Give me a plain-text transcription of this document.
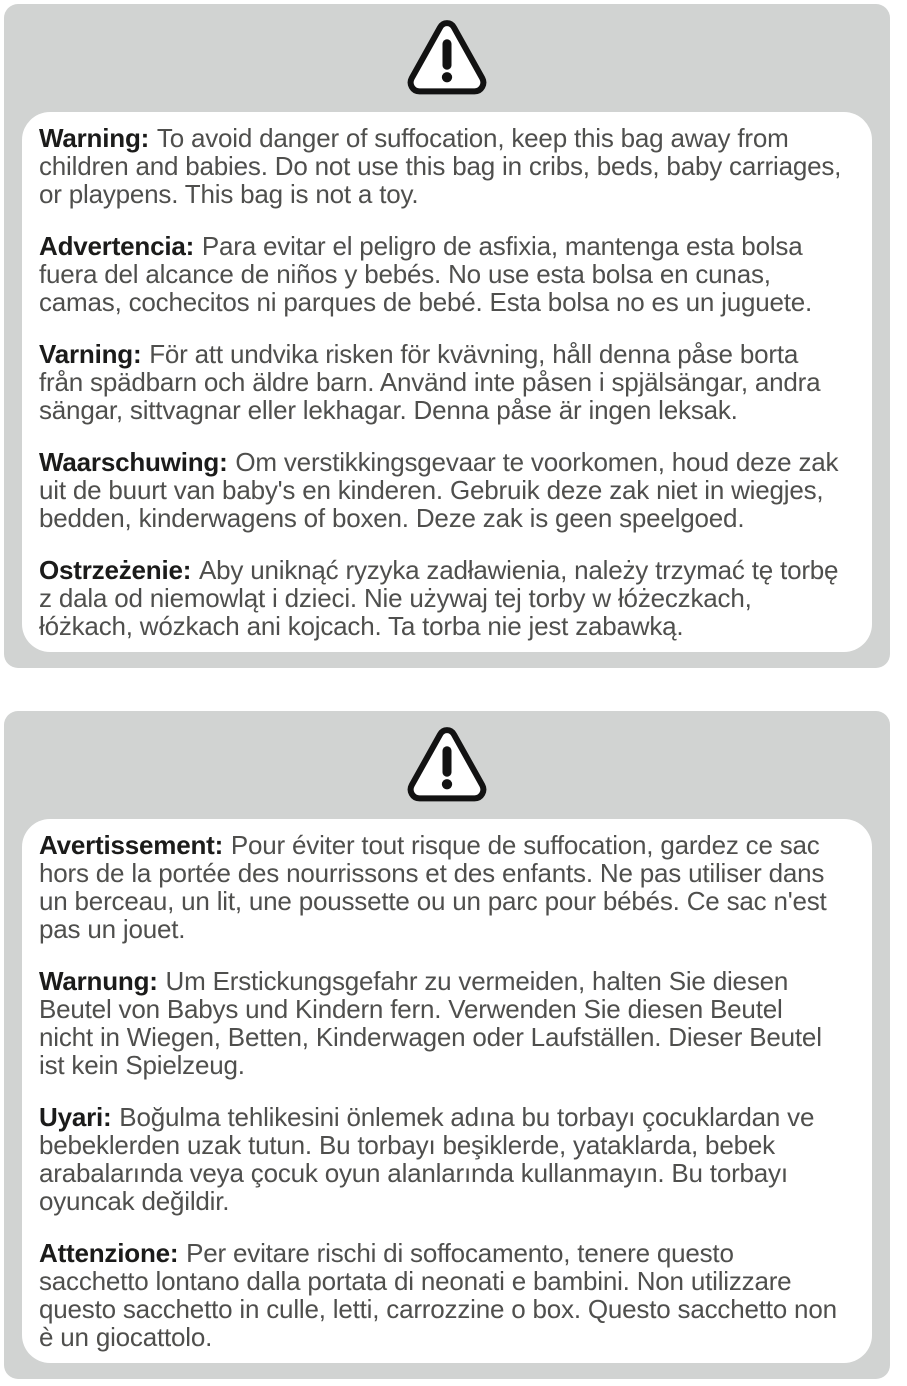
Warning: To avoid danger of suffocation, keep this bag away from children and babies. Do not use this bag in cribs, beds, baby carriages, or playpens. This bag is not a toy.

Advertencia: Para evitar el peligro de asfixia, mantenga esta bolsa fuera del alcance de niños y bebés. No use esta bolsa en cunas, camas, cochecitos ni parques de bebé. Esta bolsa no es un juguete.

Varning: För att undvika risken för kvävning, håll denna påse borta från spädbarn och äldre barn. Använd inte påsen i spjälsängar, andra sängar, sittvagnar eller lekhagar. Denna påse är ingen leksak.

Waarschuwing: Om verstikkingsgevaar te voorkomen, houd deze zak uit de buurt van baby's en kinderen. Gebruik deze zak niet in wiegjes, bedden, kinderwagens of boxen. Deze zak is geen speelgoed.

Ostrzeżenie: Aby uniknąć ryzyka zadławienia, należy trzymać tę torbę z dala od niemowląt i dzieci. Nie używaj tej torby w łóżeczkach, łóżkach, wózkach ani kojcach. Ta torba nie jest zabawką.

Avertissement: Pour éviter tout risque de suffocation, gardez ce sac hors de la portée des nourrissons et des enfants. Ne pas utiliser dans un berceau, un lit, une poussette ou un parc pour bébés. Ce sac n'est pas un jouet.

Warnung: Um Erstickungsgefahr zu vermeiden, halten Sie diesen Beutel von Babys und Kindern fern. Verwenden Sie diesen Beutel nicht in Wiegen, Betten, Kinderwagen oder Laufställen. Dieser Beutel ist kein Spielzeug.

Uyari: Boğulma tehlikesini önlemek adına bu torbayı çocuklardan ve bebeklerden uzak tutun. Bu torbayı beşiklerde, yataklarda, bebek arabalarında veya çocuk oyun alanlarında kullanmayın. Bu torbayı oyuncak değildir.

Attenzione: Per evitare rischi di soffocamento, tenere questo sacchetto lontano dalla portata di neonati e bambini. Non utilizzare questo sacchetto in culle, letti, carrozzine o box. Questo sacchetto non è un giocattolo.
